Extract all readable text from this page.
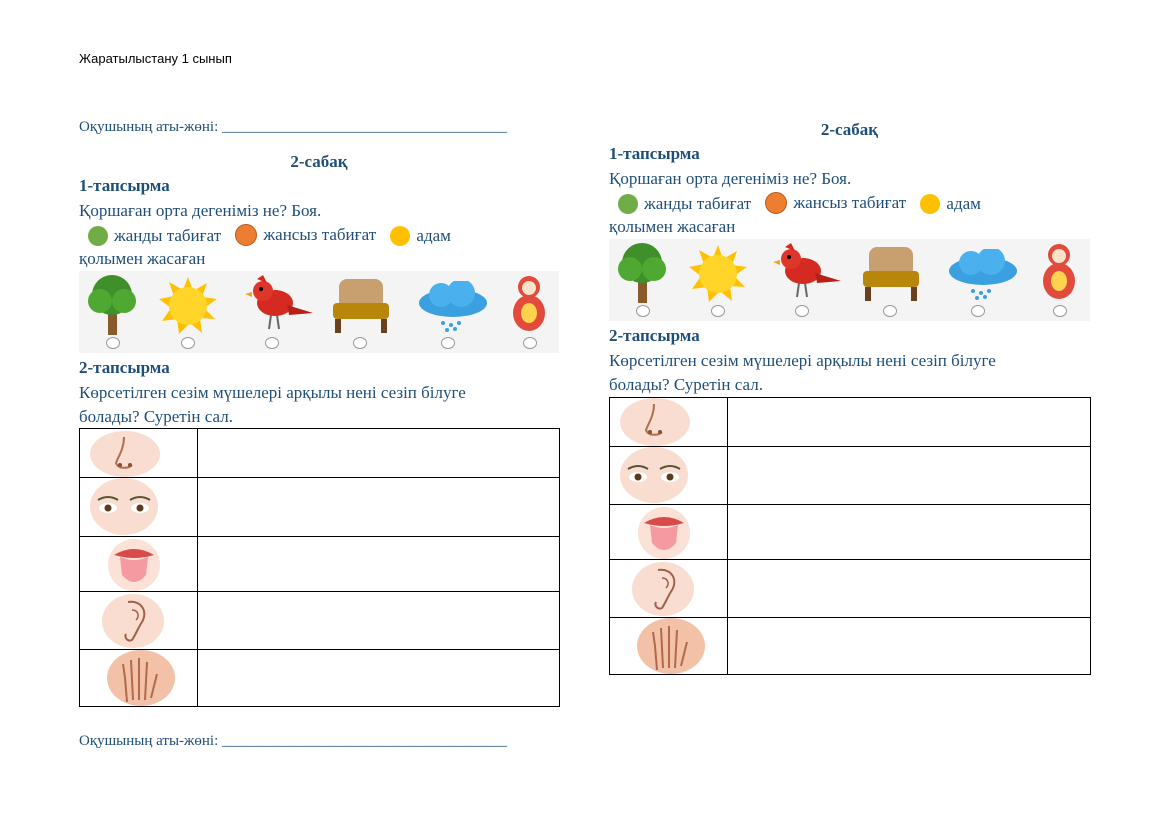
Жаратылыстану 1 сынып
Оқушының аты-жөні: ______________________________________
2-сабақ
1-тапсырма
Қоршаған орта дегеніміз не? Боя.
жанды табиғат
жансыз табиғат
адам
қолымен жасаған
2-тапсырма
Көрсетілген сезім мүшелері арқылы нені сезіп білуге
болады? Суретін сал.

Оқушының аты-жөні: ______________________________________
2-сабақ
1-тапсырма
Қоршаған орта дегеніміз не? Боя.
жанды табиғат
жансыз табиғат
адам
қолымен жасаған
2-тапсырма
Көрсетілген сезім мүшелері арқылы нені сезіп білуге
болады? Суретін сал.
